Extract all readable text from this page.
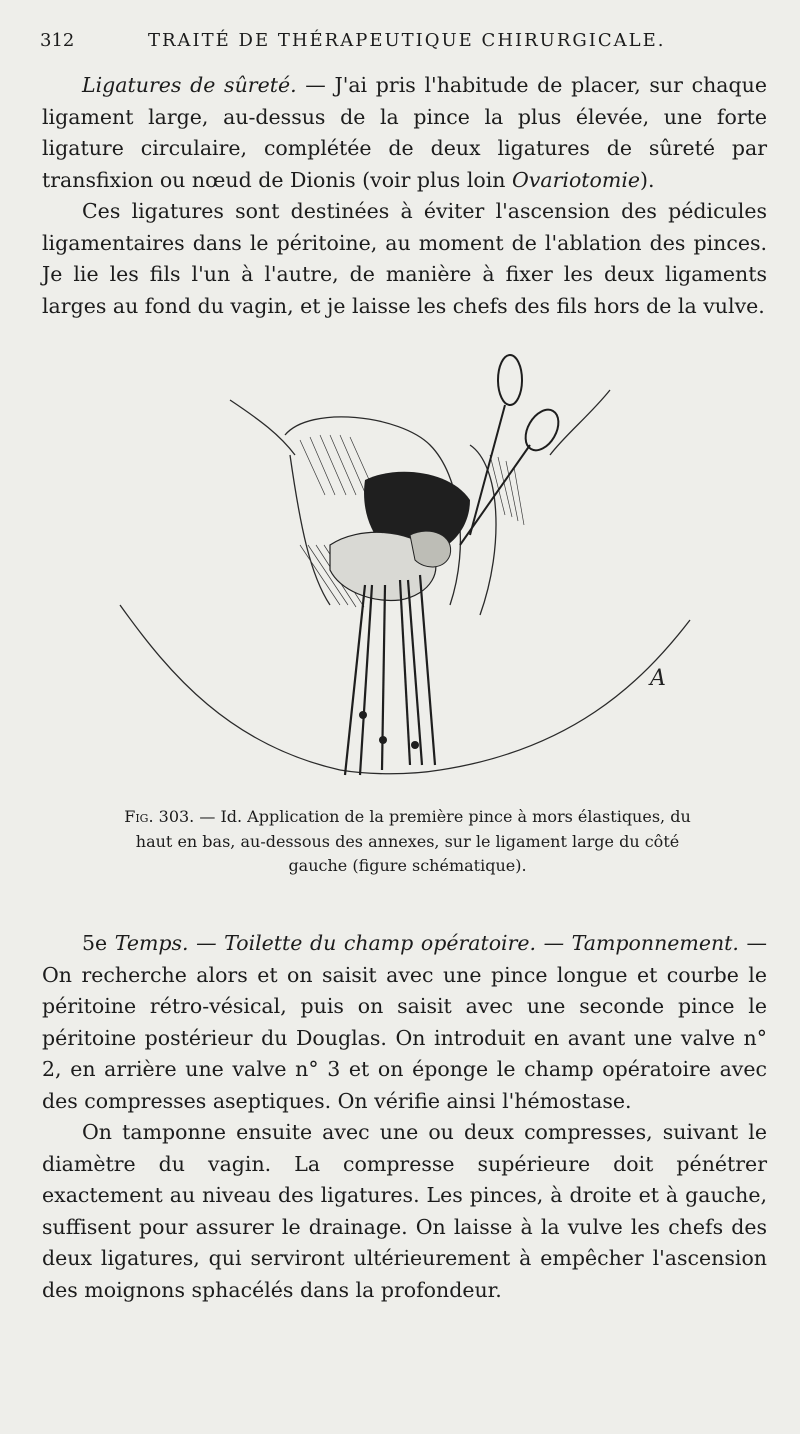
312	TRAITÉ DE THÉRAPEUTIQUE CHIRURGICALE.

Ligatures de sûreté. — J'ai pris l'habitude de placer, sur chaque ligament large, au-dessus de la pince la plus élevée, une forte ligature circulaire, complétée de deux ligatures de sûreté par transfixion ou nœud de Dionis (voir plus loin Ovariotomie).

Ces ligatures sont destinées à éviter l'ascension des pédicules ligamentaires dans le péritoine, au moment de l'ablation des pinces. Je lie les fils l'un à l'autre, de manière à fixer les deux ligaments larges au fond du vagin, et je laisse les chefs des fils hors de la vulve.

A
Fig. 303. — Id. Application de la première pince à mors élastiques, du haut en bas, au-dessous des annexes, sur le ligament large du côté gauche (figure schématique).

5e Temps. — Toilette du champ opératoire. — Tamponnement. — On recherche alors et on saisit avec une pince longue et courbe le péritoine rétro-vésical, puis on saisit avec une seconde pince le péritoine postérieur du Douglas. On introduit en avant une valve n° 2, en arrière une valve n° 3 et on éponge le champ opératoire avec des compresses aseptiques. On vérifie ainsi l'hémostase.

On tamponne ensuite avec une ou deux compresses, suivant le diamètre du vagin. La compresse supérieure doit pénétrer exactement au niveau des ligatures. Les pinces, à droite et à gauche, suffisent pour assurer le drainage. On laisse à la vulve les chefs des deux ligatures, qui serviront ultérieurement à empêcher l'ascension des moignons sphacélés dans la profondeur.
